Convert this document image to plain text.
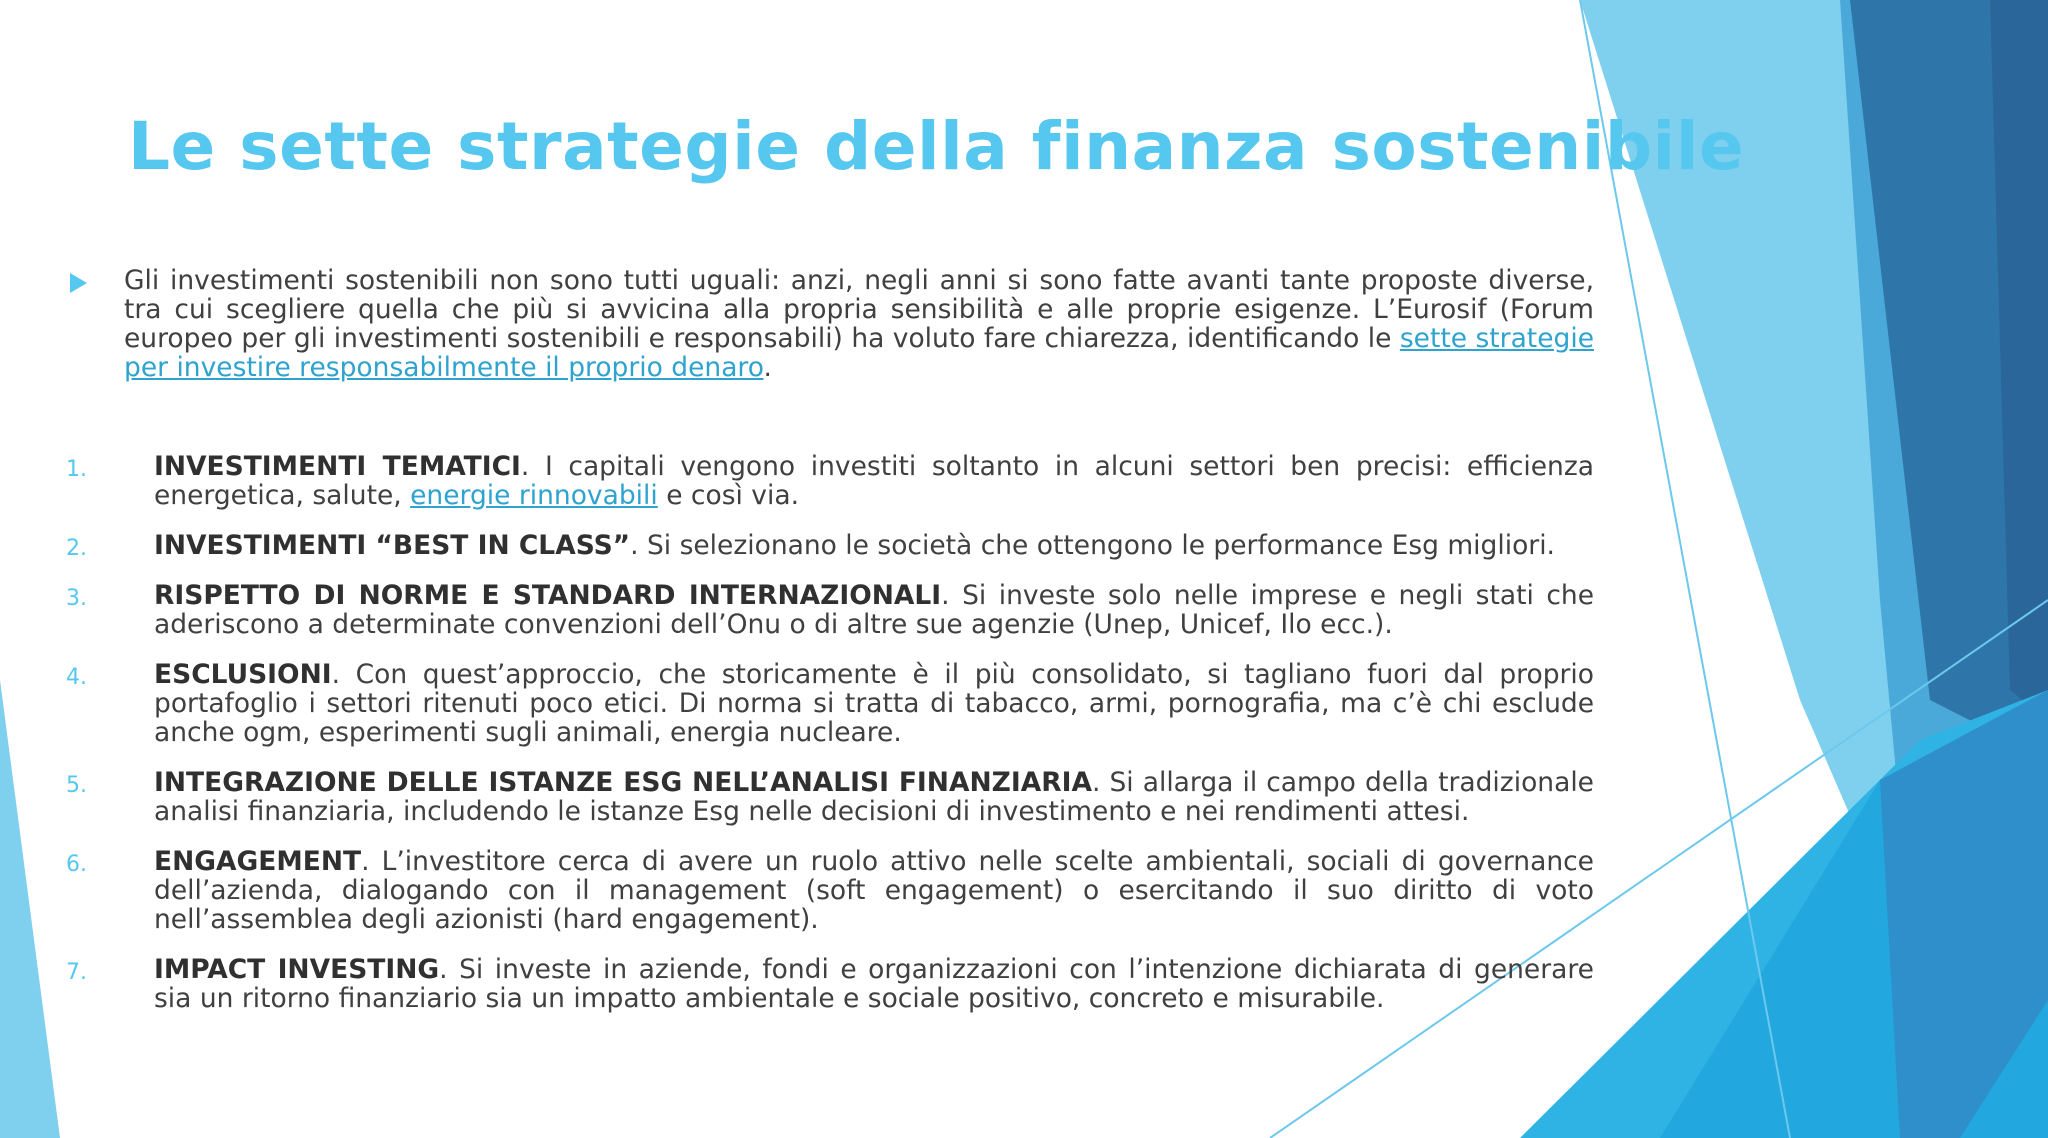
Le sette strategie della finanza sostenibile
Gli investimenti sostenibili non sono tutti uguali: anzi, negli anni si sono fatte avanti tante proposte diverse, tra cui scegliere quella che più si avvicina alla propria sensibilità e alle proprie esigenze. L’Eurosif (Forum europeo per gli investimenti sostenibili e responsabili) ha voluto fare chiarezza, identificando le sette strategie per investire responsabilmente il proprio denaro.
1.	INVESTIMENTI TEMATICI. I capitali vengono investiti soltanto in alcuni settori ben precisi: efficienza energetica, salute, energie rinnovabili e così via.
2.	INVESTIMENTI “BEST IN CLASS”. Si selezionano le società che ottengono le performance Esg migliori.
3.	RISPETTO DI NORME E STANDARD INTERNAZIONALI. Si investe solo nelle imprese e negli stati che aderiscono a determinate convenzioni dell’Onu o di altre sue agenzie (Unep, Unicef, Ilo ecc.).
4.	ESCLUSIONI. Con quest’approccio, che storicamente è il più consolidato, si tagliano fuori dal proprio portafoglio i settori ritenuti poco etici. Di norma si tratta di tabacco, armi, pornografia, ma c’è chi esclude anche ogm, esperimenti sugli animali, energia nucleare.
5.	INTEGRAZIONE DELLE ISTANZE ESG NELL’ANALISI FINANZIARIA. Si allarga il campo della tradizionale analisi finanziaria, includendo le istanze Esg nelle decisioni di investimento e nei rendimenti attesi.
6.	ENGAGEMENT. L’investitore cerca di avere un ruolo attivo nelle scelte ambientali, sociali di governance dell’azienda, dialogando con il management (soft engagement) o esercitando il suo diritto di voto nell’assemblea degli azionisti (hard engagement).
7.	IMPACT INVESTING. Si investe in aziende, fondi e organizzazioni con l’intenzione dichiarata di generare sia un ritorno finanziario sia un impatto ambientale e sociale positivo, concreto e misurabile.
